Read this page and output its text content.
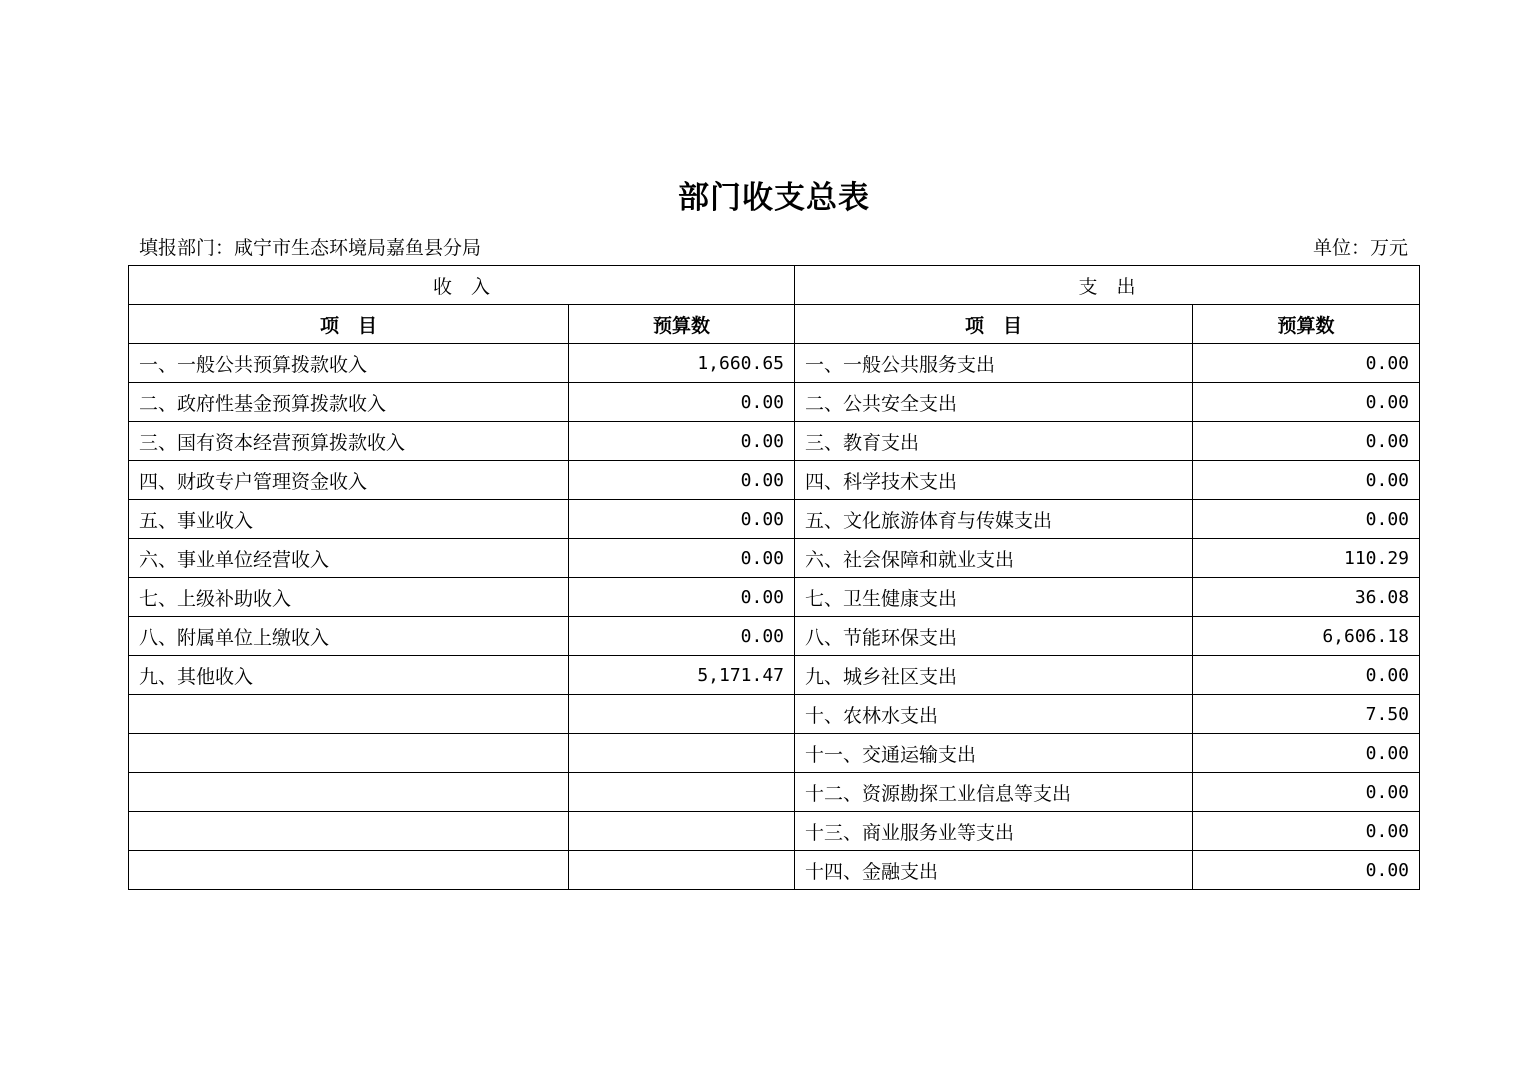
部门收支总表
填报部门：咸宁市生态环境局嘉鱼县分局	单位：万元
收　入		支　出	
项　目	预算数	项　目	预算数
一、一般公共预算拨款收入	1,660.65	一、一般公共服务支出	0.00
二、政府性基金预算拨款收入	0.00	二、公共安全支出	0.00
三、国有资本经营预算拨款收入	0.00	三、教育支出	0.00
四、财政专户管理资金收入	0.00	四、科学技术支出	0.00
五、事业收入	0.00	五、文化旅游体育与传媒支出	0.00
六、事业单位经营收入	0.00	六、社会保障和就业支出	110.29
七、上级补助收入	0.00	七、卫生健康支出	36.08
八、附属单位上缴收入	0.00	八、节能环保支出	6,606.18
九、其他收入	5,171.47	九、城乡社区支出	0.00
		十、农林水支出	7.50
		十一、交通运输支出	0.00
		十二、资源勘探工业信息等支出	0.00
		十三、商业服务业等支出	0.00
		十四、金融支出	0.00
